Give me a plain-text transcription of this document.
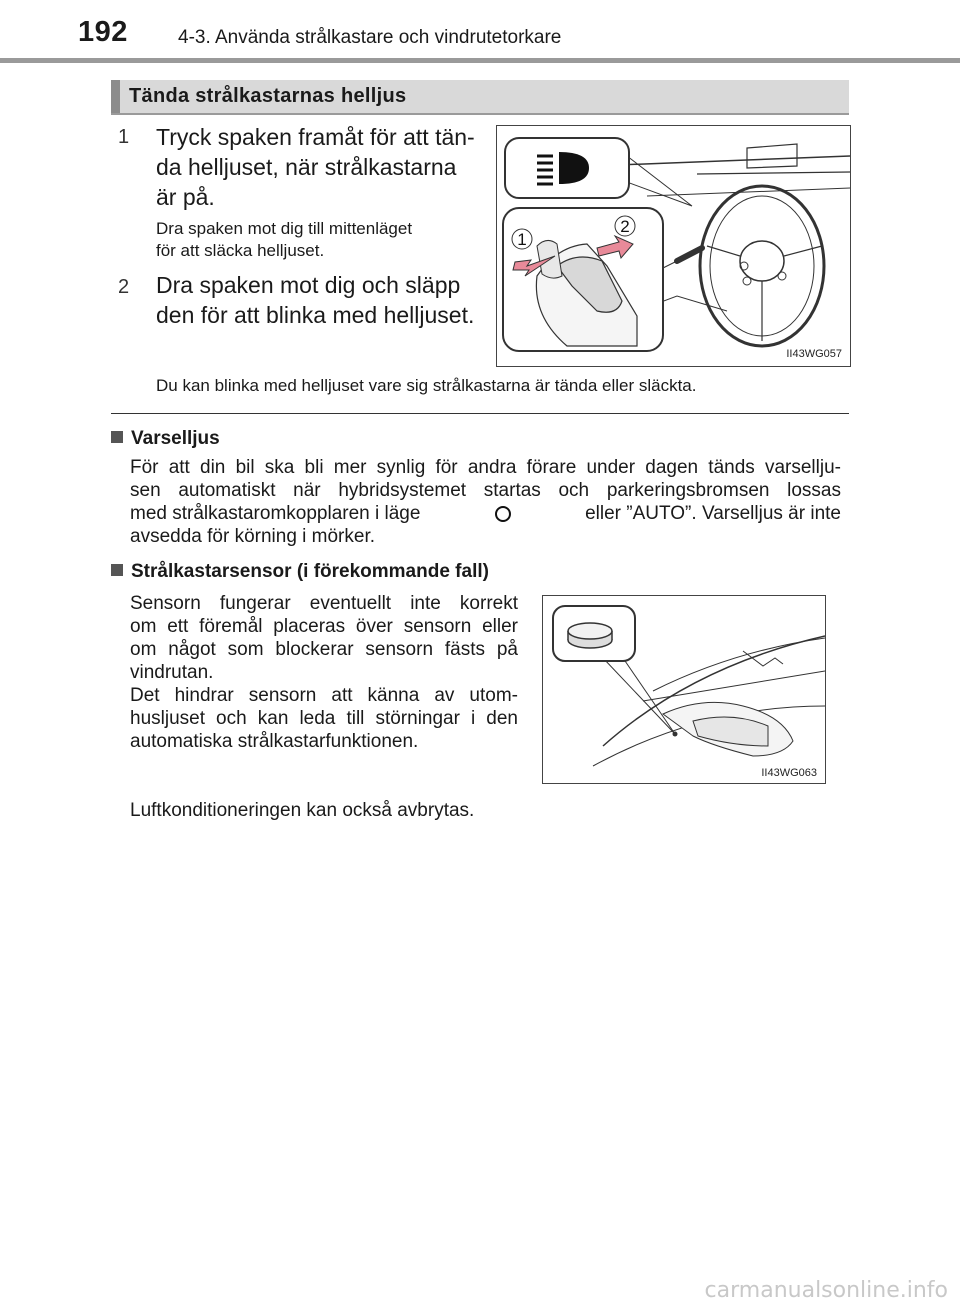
192	4-3. Använda strålkastare och vindrutetorkare
Tända strålkastarnas helljus
1 Tryck spaken framåt för att tän-
da helljuset, när strålkastarna
är på.
Dra spaken mot dig till mittenläget
för att släcka helljuset.
2 Dra spaken mot dig och släpp
den för att blinka med helljuset.
1
2
II43WG057
Du kan blinka med helljuset vare sig strålkastarna är tända eller släckta.
Varselljus
För att din bil ska bli mer synlig för andra förare under dagen tänds varsellju-
sen automatiskt när hybridsystemet startas och parkeringsbromsen lossas
med strålkastaromkopplaren i läge	eller ”AUTO”. Varselljus är inte
avsedda för körning i mörker.
Strålkastarsensor (i förekommande fall)
Sensorn fungerar eventuellt inte korrekt
om ett föremål placeras över sensorn eller
om något som blockerar sensorn fästs på
vindrutan.
Det hindrar sensorn att känna av utom-
husljuset och kan leda till störningar i den
automatiska strålkastarfunktionen.
Luftkonditioneringen kan också avbrytas.
II43WG063
carmanualsonline.info
